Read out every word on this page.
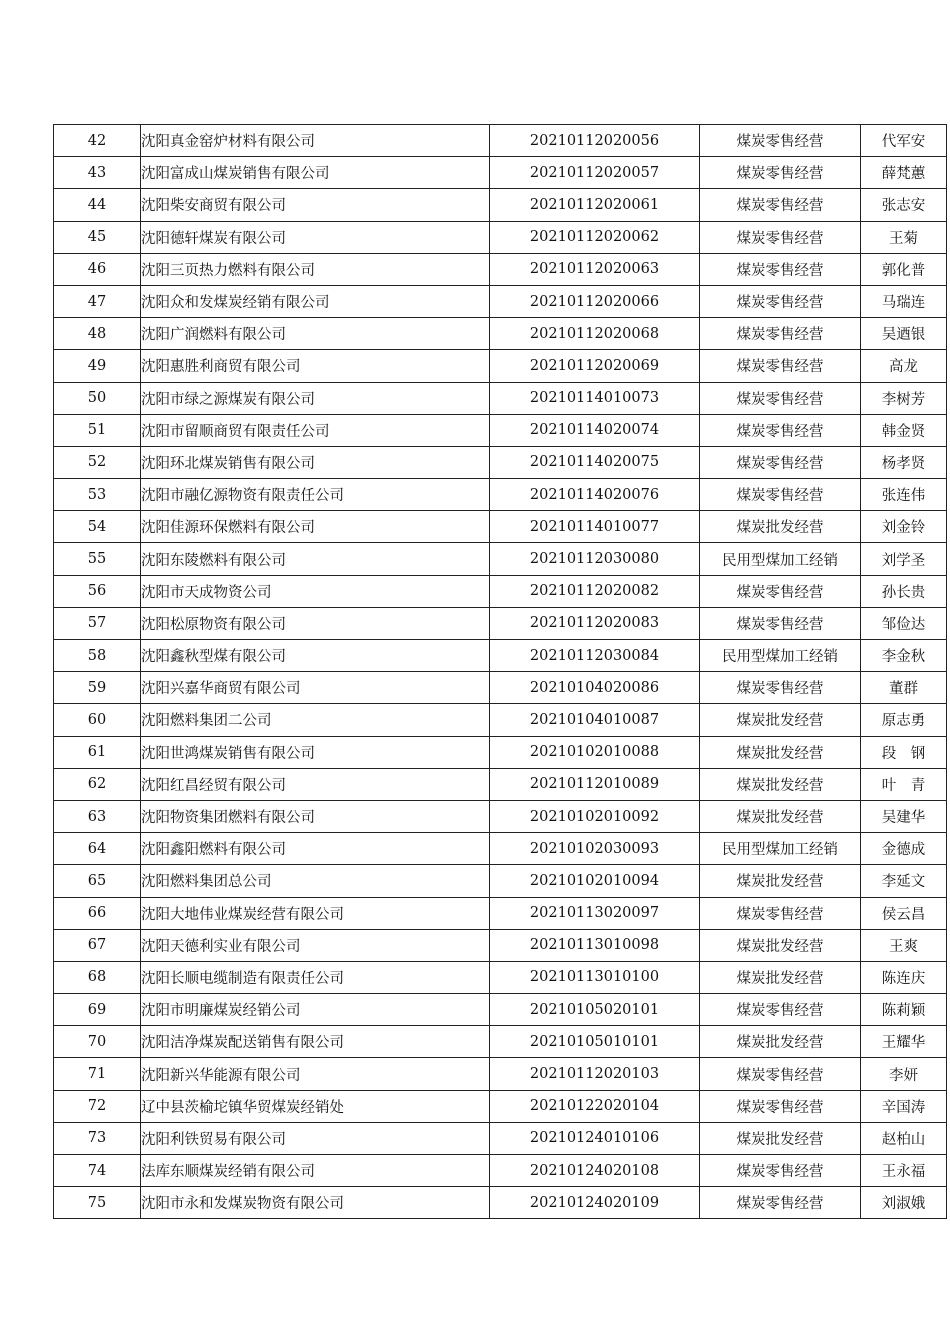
42	沈阳真金窑炉材料有限公司	20210112020056	煤炭零售经营	代军安
43	沈阳富成山煤炭销售有限公司	20210112020057	煤炭零售经营	薛梵蕙
44	沈阳柴安商贸有限公司	20210112020061	煤炭零售经营	张志安
45	沈阳德轩煤炭有限公司	20210112020062	煤炭零售经营	王菊
46	沈阳三页热力燃料有限公司	20210112020063	煤炭零售经营	郭化普
47	沈阳众和发煤炭经销有限公司	20210112020066	煤炭零售经营	马瑞连
48	沈阳广润燃料有限公司	20210112020068	煤炭零售经营	吴迺银
49	沈阳惠胜利商贸有限公司	20210112020069	煤炭零售经营	高龙
50	沈阳市绿之源煤炭有限公司	20210114010073	煤炭零售经营	李树芳
51	沈阳市留顺商贸有限责任公司	20210114020074	煤炭零售经营	韩金贤
52	沈阳环北煤炭销售有限公司	20210114020075	煤炭零售经营	杨孝贤
53	沈阳市融亿源物资有限责任公司	20210114020076	煤炭零售经营	张连伟
54	沈阳佳源环保燃料有限公司	20210114010077	煤炭批发经营	刘金铃
55	沈阳东陵燃料有限公司	20210112030080	民用型煤加工经销	刘学圣
56	沈阳市天成物资公司	20210112020082	煤炭零售经营	孙长贵
57	沈阳松原物资有限公司	20210112020083	煤炭零售经营	邹俭达
58	沈阳鑫秋型煤有限公司	20210112030084	民用型煤加工经销	李金秋
59	沈阳兴嘉华商贸有限公司	20210104020086	煤炭零售经营	董群
60	沈阳燃料集团二公司	20210104010087	煤炭批发经营	原志勇
61	沈阳世鸿煤炭销售有限公司	20210102010088	煤炭批发经营	段　钢
62	沈阳红昌经贸有限公司	20210112010089	煤炭批发经营	叶　青
63	沈阳物资集团燃料有限公司	20210102010092	煤炭批发经营	吴建华
64	沈阳鑫阳燃料有限公司	20210102030093	民用型煤加工经销	金德成
65	沈阳燃料集团总公司	20210102010094	煤炭批发经营	李延文
66	沈阳大地伟业煤炭经营有限公司	20210113020097	煤炭零售经营	侯云昌
67	沈阳天德利实业有限公司	20210113010098	煤炭批发经营	王爽
68	沈阳长顺电缆制造有限责任公司	20210113010100	煤炭批发经营	陈连庆
69	沈阳市明廉煤炭经销公司	20210105020101	煤炭零售经营	陈莉颖
70	沈阳洁净煤炭配送销售有限公司	20210105010101	煤炭批发经营	王耀华
71	沈阳新兴华能源有限公司	20210112020103	煤炭零售经营	李妍
72	辽中县茨榆坨镇华贸煤炭经销处	20210122020104	煤炭零售经营	辛国涛
73	沈阳利铁贸易有限公司	20210124010106	煤炭批发经营	赵柏山
74	法库东顺煤炭经销有限公司	20210124020108	煤炭零售经营	王永福
75	沈阳市永和发煤炭物资有限公司	20210124020109	煤炭零售经营	刘淑娥
